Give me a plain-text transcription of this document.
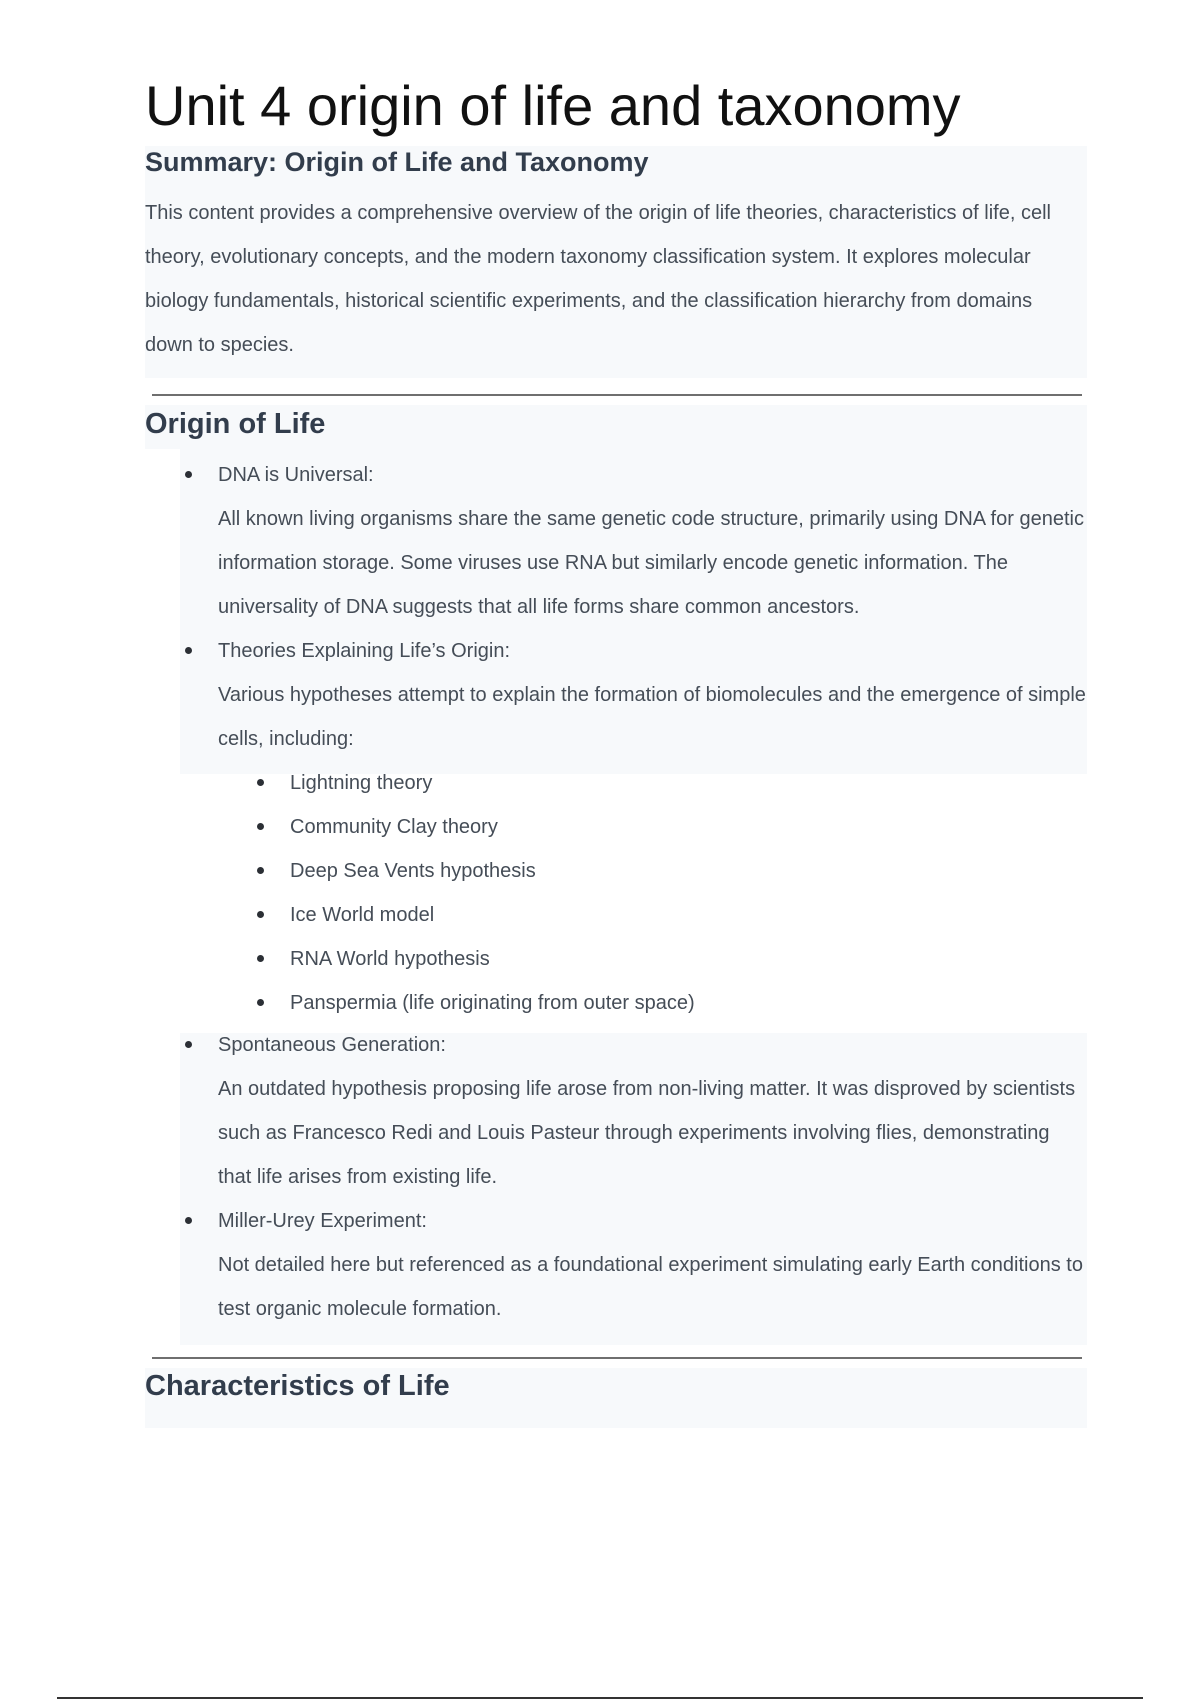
Unit 4 origin of life and taxonomy
Summary: Origin of Life and Taxonomy

This content provides a comprehensive overview of the origin of life theories, characteristics of life, cell theory, evolutionary concepts, and the modern taxonomy classification system. It explores molecular biology fundamentals, historical scientific experiments, and the classification hierarchy from domains down to species.

Origin of Life
DNA is Universal:

All known living organisms share the same genetic code structure, primarily using DNA for genetic information storage. Some viruses use RNA but similarly encode genetic information. The universality of DNA suggests that all life forms share common ancestors.

Theories Explaining Life’s Origin:

Various hypotheses attempt to explain the formation of biomolecules and the emergence of simple cells, including:

Lightning theory
Community Clay theory
Deep Sea Vents hypothesis
Ice World model
RNA World hypothesis
Panspermia (life originating from outer space)
Spontaneous Generation:

An outdated hypothesis proposing life arose from non-living matter. It was disproved by scientists such as Francesco Redi and Louis Pasteur through experiments involving flies, demonstrating that life arises from existing life.

Miller-Urey Experiment:

Not detailed here but referenced as a foundational experiment simulating early Earth conditions to test organic molecule formation.

Characteristics of Life
